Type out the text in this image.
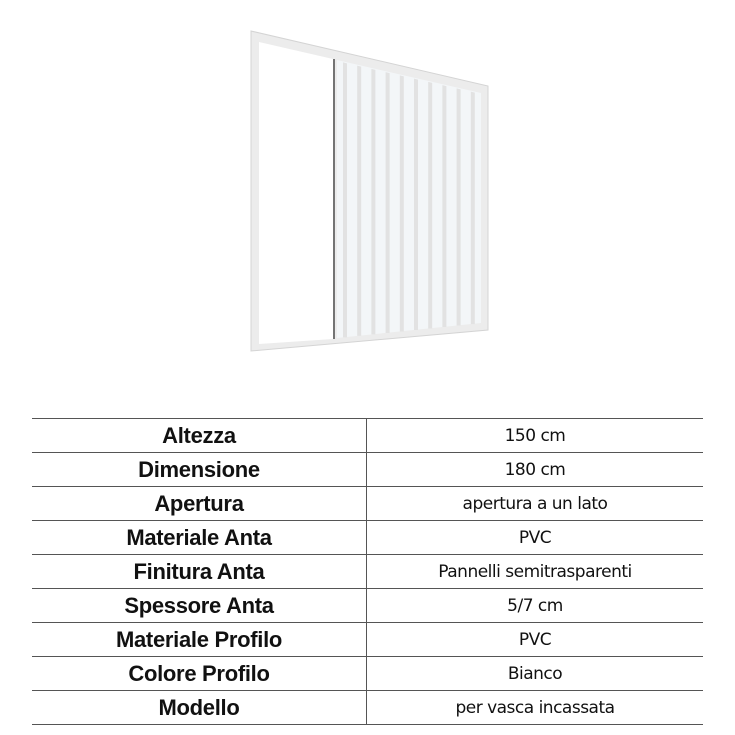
Altezza	150 cm
Dimensione	180 cm
Apertura	apertura a un lato
Materiale Anta	PVC
Finitura Anta	Pannelli semitrasparenti
Spessore Anta	5/7 cm
Materiale Profilo	PVC
Colore Profilo	Bianco
Modello	per vasca incassata
